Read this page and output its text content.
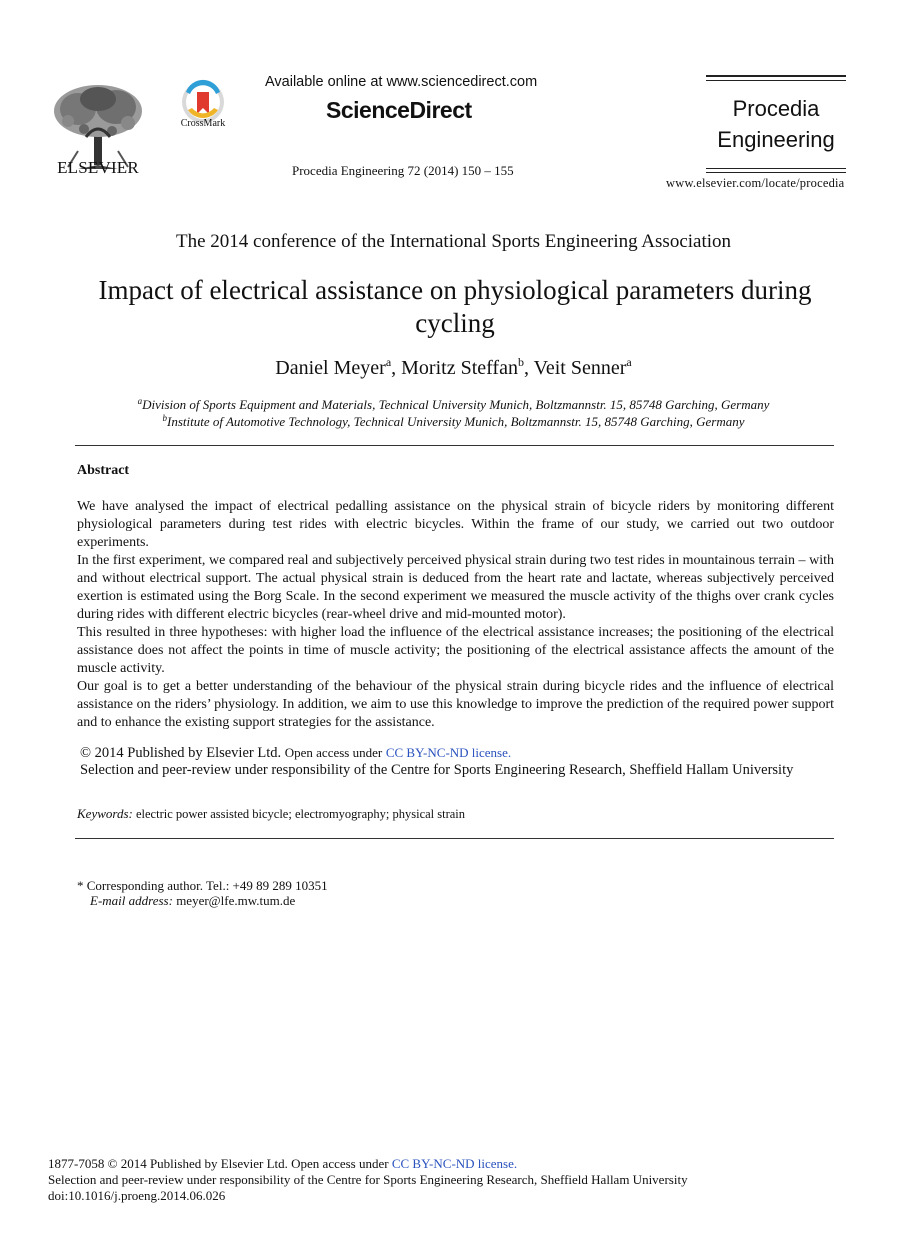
ELSEVIER
CrossMark
Available online at www.sciencedirect.com
ScienceDirect
Procedia Engineering 72 (2014) 150 – 155
Procedia
Engineering
www.elsevier.com/locate/procedia
The 2014 conference of the International Sports Engineering Association
Impact of electrical assistance on physiological parameters during cycling
Daniel Meyer$^a$, Moritz Steffan$^b$, Veit Senner$^a$
$^a$Division of Sports Equipment and Materials, Technical University Munich, Boltzmannstr. 15, 85748 Garching, Germany
$^b$Institute of Automotive Technology, Technical University Munich, Boltzmannstr. 15, 85748 Garching, Germany
Abstract

We have analysed the impact of electrical pedalling assistance on the physical strain of bicycle riders by monitoring different physiological parameters during test rides with electric bicycles. Within the frame of our study, we carried out two outdoor experiments.

In the first experiment, we compared real and subjectively perceived physical strain during two test rides in mountainous terrain – with and without electrical support. The actual physical strain is deduced from the heart rate and lactate, whereas subjectively perceived exertion is estimated using the Borg Scale. In the second experiment we measured the muscle activity of the thighs over crank cycles during rides with different electric bicycles (rear-wheel drive and mid-mounted motor).

This resulted in three hypotheses: with higher load the influence of the electrical assistance increases; the positioning of the electrical assistance does not affect the points in time of muscle activity; the positioning of the electrical assistance affects the amount of the muscle activity.

Our goal is to get a better understanding of the behaviour of the physical strain during bicycle rides and the influence of electrical assistance on the riders’ physiology. In addition, we aim to use this knowledge to improve the prediction of the required power support and to enhance the existing support strategies for the assistance.

© 2014 Published by Elsevier Ltd. Open access under CC BY-NC-ND license.
Selection and peer-review under responsibility of the Centre for Sports Engineering Research, Sheffield Hallam University
Keywords: electric power assisted bicycle; electromyography; physical strain
* Corresponding author. Tel.: +49 89 289 10351
E-mail address: meyer@lfe.mw.tum.de
1877-7058 © 2014 Published by Elsevier Ltd. Open access under CC BY-NC-ND license.
Selection and peer-review under responsibility of the Centre for Sports Engineering Research, Sheffield Hallam University
doi:10.1016/j.proeng.2014.06.026
